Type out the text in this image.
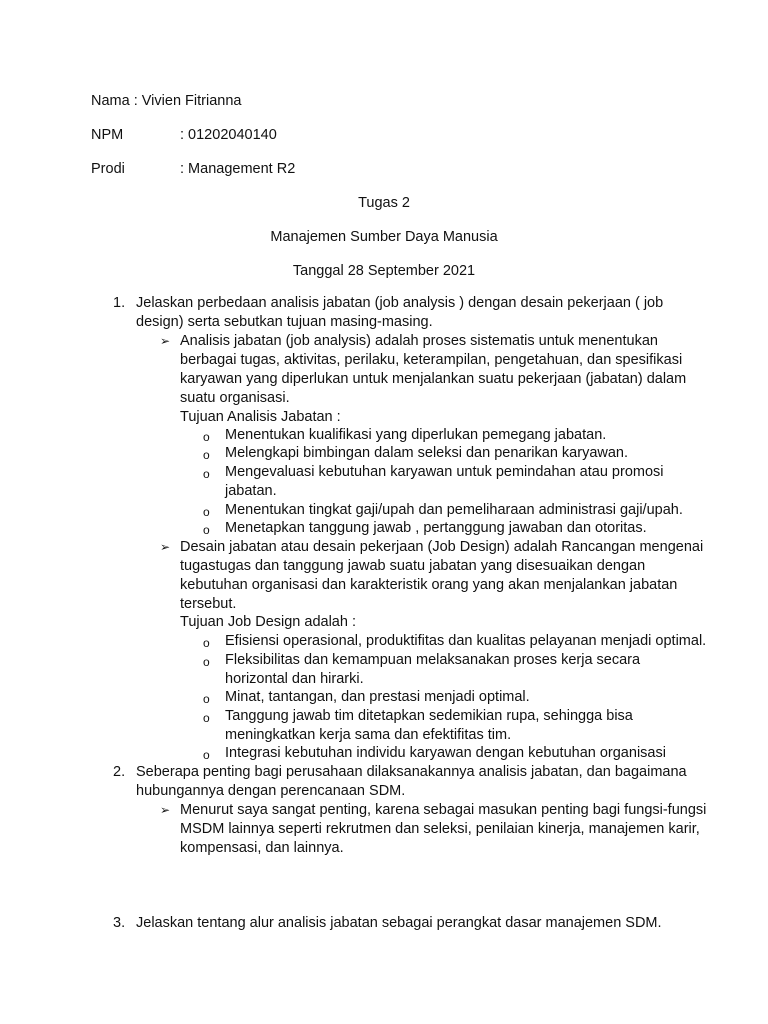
Nama : Vivien Fitrianna
NPM	: 01202040140
Prodi	: Management R2
Tugas 2
Manajemen Sumber Daya Manusia
Tanggal 28 September 2021
1. Jelaskan perbedaan analisis jabatan (job analysis ) dengan desain pekerjaan ( job
design) serta sebutkan tujuan masing-masing.
➢ Analisis jabatan (job analysis) adalah proses sistematis untuk menentukan
berbagai tugas, aktivitas, perilaku, keterampilan, pengetahuan, dan spesifikasi
karyawan yang diperlukan untuk menjalankan suatu pekerjaan (jabatan) dalam
suatu organisasi.
Tujuan Analisis Jabatan :
o Menentukan kualifikasi yang diperlukan pemegang jabatan.
o Melengkapi bimbingan dalam seleksi dan penarikan karyawan.
o Mengevaluasi kebutuhan karyawan untuk pemindahan atau promosi
jabatan.
o Menentukan tingkat gaji/upah dan pemeliharaan administrasi gaji/upah.
o Menetapkan tanggung jawab , pertanggung jawaban dan otoritas.
➢ Desain jabatan atau desain pekerjaan (Job Design) adalah Rancangan mengenai
tugastugas dan tanggung jawab suatu jabatan yang disesuaikan dengan
kebutuhan organisasi dan karakteristik orang yang akan menjalankan jabatan
tersebut.
Tujuan Job Design adalah :
o Efisiensi operasional, produktifitas dan kualitas pelayanan menjadi optimal.
o Fleksibilitas dan kemampuan melaksanakan proses kerja secara
horizontal dan hirarki.
o Minat, tantangan, dan prestasi menjadi optimal.
o Tanggung jawab tim ditetapkan sedemikian rupa, sehingga bisa
meningkatkan kerja sama dan efektifitas tim.
o Integrasi kebutuhan individu karyawan dengan kebutuhan organisasi
2. Seberapa penting bagi perusahaan dilaksanakannya analisis jabatan, dan bagaimana
hubungannya dengan perencanaan SDM.
➢ Menurut saya sangat penting, karena sebagai masukan penting bagi fungsi-fungsi
MSDM lainnya seperti rekrutmen dan seleksi, penilaian kinerja, manajemen karir,
kompensasi, dan lainnya.
3. Jelaskan tentang alur analisis jabatan sebagai perangkat dasar manajemen SDM.
